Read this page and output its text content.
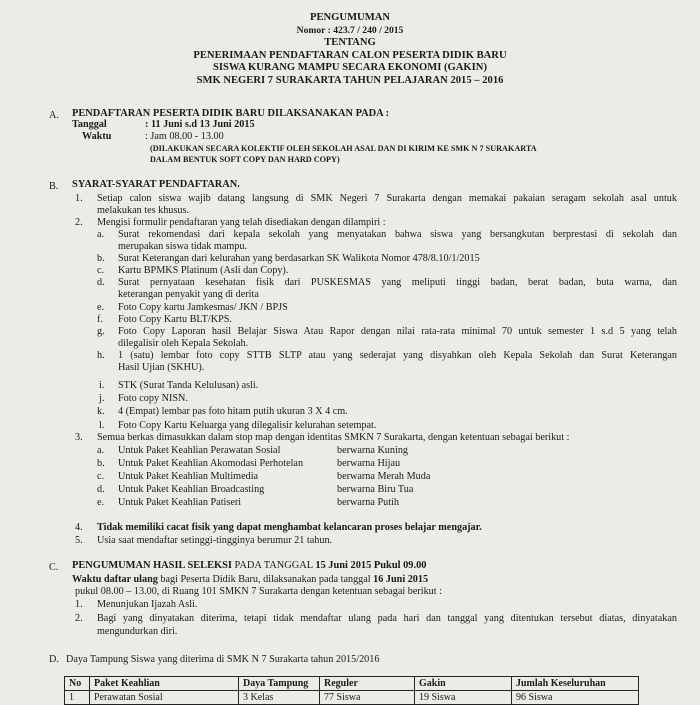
PENGUMUMAN
Nomor : 423.7 / 240 / 2015
TENTANG
PENERIMAAN PENDAFTARAN CALON PESERTA DIDIK BARU
SISWA KURANG MAMPU SECARA EKONOMI (GAKIN)
SMK NEGERI 7 SURAKARTA TAHUN PELAJARAN 2015 – 2016
A. PENDAFTARAN PESERTA DIDIK BARU DILAKSANAKAN PADA :
Tanggal	: 11 Juni s.d 13 Juni 2015
Waktu	: Jam 08.00 - 13.00
(DILAKUKAN SECARA KOLEKTIF OLEH SEKOLAH ASAL DAN DI KIRIM KE SMK N 7 SURAKARTA
DALAM BENTUK SOFT COPY DAN HARD COPY)
B. SYARAT-SYARAT PENDAFTARAN.
1. Setiap calon siswa wajib datang langsung di SMK Negeri 7 Surakarta dengan memakai pakaian seragam sekolah asal untuk
melakukan tes khusus.
2. Mengisi formulir pendaftaran yang telah disediakan dengan dilampiri :
a. Surat rekomendasi dari kepala sekolah yang menyatakan bahwa siswa yang bersangkutan berprestasi di sekolah dan
merupakan siswa tidak mampu.
b. Surat Keterangan dari kelurahan yang berdasarkan SK Walikota Nomor 478/8.10/1/2015
c. Kartu BPMKS Platinum (Asli dan Copy).
d. Surat pernyataan kesehatan fisik dari PUSKESMAS yang meliputi tinggi badan, berat badan, buta warna, dan
keterangan penyakit yang di derita
e. Foto Copy kartu Jamkesmas/ JKN / BPJS
f. Foto Copy Kartu BLT/KPS.
g. Foto Copy Laporan hasil Belajar Siswa Atau Rapor dengan nilai rata-rata minimal 70 untuk semester 1 s.d 5 yang telah
dilegalisir oleh Kepala Sekolah.
h. 1 (satu) lembar foto copy STTB SLTP atau yang sederajat yang disyahkan oleh Kepala Sekolah dan Surat Keterangan
Hasil Ujian (SKHU).
i. STK (Surat Tanda Kelulusan) asli.
j. Foto copy NISN.
k. 4 (Empat) lembar pas foto hitam putih ukuran 3 X 4 cm.
l. Foto Copy Kartu Keluarga yang dilegalisir kelurahan setempat.
3. Semua berkas dimasukkan dalam stop map dengan identitas SMKN 7 Surakarta, dengan ketentuan sebagai berikut :
a. Untuk Paket Keahlian Perawatan Sosial	berwarna Kuning
b. Untuk Paket Keahlian Akomodasi Perhotelan	berwarna Hijau
c. Untuk Paket Keahlian Multimedia	berwarna Merah Muda
d. Untuk Paket Keahlian Broadcasting	berwarna Biru Tua
e. Untuk Paket Keahlian Patiseri	berwarna Putih
4. Tidak memiliki cacat fisik yang dapat menghambat kelancaran proses belajar mengajar.
5. Usia saat mendaftar setinggi-tingginya berumur 21 tahun.
C. PENGUMUMAN HASIL SELEKSI PADA TANGGAL 15 Juni 2015 Pukul 09.00
Waktu daftar ulang bagi Peserta Didik Baru, dilaksanakan pada tanggal 16 Juni 2015
pukul 08.00 – 13.00, di Ruang 101 SMKN 7 Surakarta dengan ketentuan sebagai berikut :
1. Menunjukan Ijazah Asli.
2. Bagi yang dinyatakan diterima, tetapi tidak mendaftar ulang pada hari dan tanggal yang ditentukan tersebut diatas, dinyatakan
mengundurkan diri.
D. Daya Tampung Siswa yang diterima di SMK N 7 Surakarta tahun 2015/2016
No	Paket Keahlian	Daya Tampung	Reguler	Gakin	Jumlah Keseluruhan
1	Perawatan Sosial	3 Kelas	77 Siswa	19 Siswa	96 Siswa
